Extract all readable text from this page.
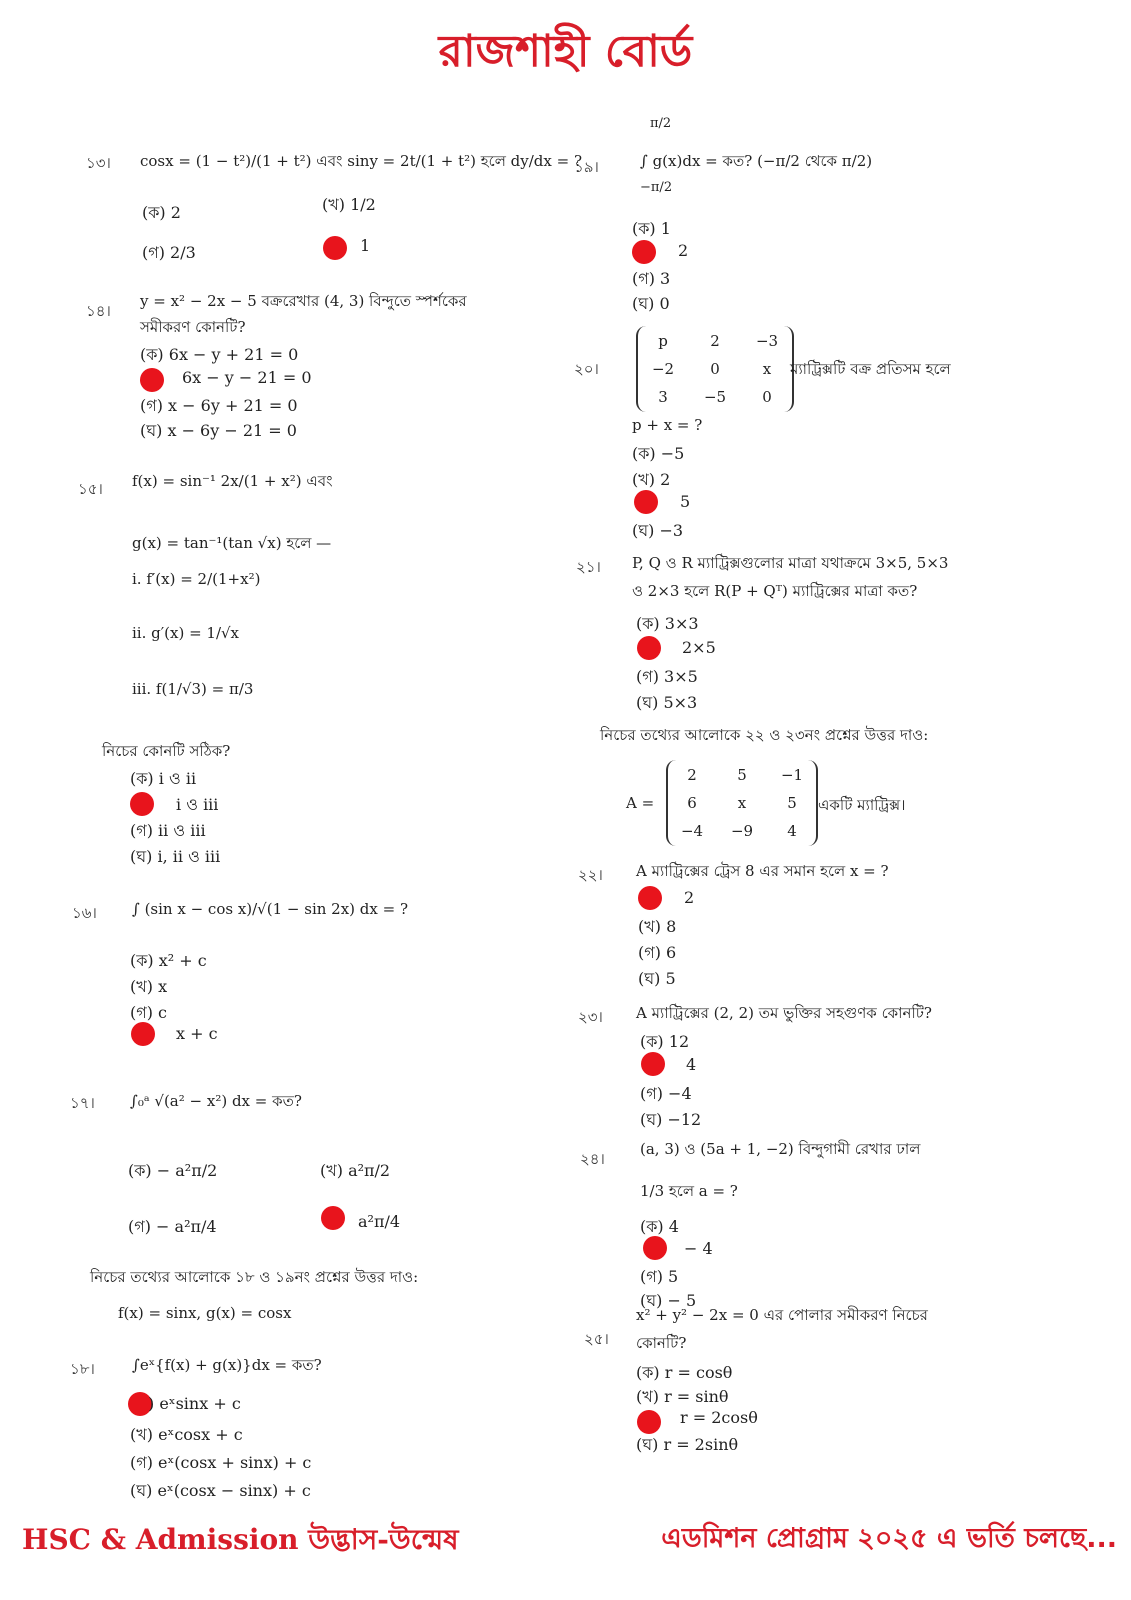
রাজশাহী বোর্ড
১৩। cosx = (1 − t²)/(1 + t²) এবং siny = 2t/(1 + t²) হলে dy/dx = ?
(ক) 2	(খ) 1/2
(গ) 2/3	1
১৪।
y = x² − 2x − 5 বক্ররেখার (4, 3) বিন্দুতে স্পর্শকের
সমীকরণ কোনটি?
(ক) 6x − y + 21 = 0
6x − y − 21 = 0
(গ) x − 6y + 21 = 0
(ঘ) x − 6y − 21 = 0
১৫। f(x) = sin⁻¹ 2x/(1 + x²) এবং
g(x) = tan⁻¹(tan √x) হলে —
i. f′(x) = 2/(1+x²)
ii. g′(x) = 1/√x
iii. f(1/√3) = π/3
নিচের কোনটি সঠিক?
(ক) i ও ii
i ও iii
(গ) ii ও iii
(ঘ) i, ii ও iii
১৬। ∫ (sin x − cos x)/√(1 − sin 2x) dx = ?
(ক) x² + c
(খ) x
(গ) c
x + c
১৭। ∫₀ᵃ √(a² − x²) dx = কত?
(ক) − a²π/2	(খ) a²π/2
(গ) − a²π/4	a²π/4
নিচের তথ্যের আলোকে ১৮ ও ১৯নং প্রশ্নের উত্তর দাও:
f(x) = sinx, g(x) = cosx
১৮। ∫eˣ{f(x) + g(x)}dx = কত?
) eˣsinx + c
(খ) eˣcosx + c
(গ) eˣ(cosx + sinx) + c
(ঘ) eˣ(cosx − sinx) + c
π/2
১৯।	∫ g(x)dx = কত? (−π/2 থেকে π/2)
−π/2
(ক) 1
2
(গ) 3
(ঘ) 0
২০।
p	2	−3
−2	0	x
3	−5	0
ম্যাট্রিক্সটি বক্র প্রতিসম হলে
p + x = ?
(ক) −5
(খ) 2
5
(ঘ) −3
২১। P, Q ও R ম্যাট্রিক্সগুলোর মাত্রা যথাক্রমে 3×5, 5×3
ও 2×3 হলে R(P + Qᵀ) ম্যাট্রিক্সের মাত্রা কত?
(ক) 3×3
2×5
(গ) 3×5
(ঘ) 5×3
নিচের তথ্যের আলোকে ২২ ও ২৩নং প্রশ্নের উত্তর দাও:
A =
2	5	−1
6	x	5
−4 −9	4
একটি ম্যাট্রিক্স।
২২। A ম্যাট্রিক্সের ট্রেস 8 এর সমান হলে x = ?
2
(খ) 8
(গ) 6
(ঘ) 5
২৩। A ম্যাট্রিক্সের (2, 2) তম ভুক্তির সহগুণক কোনটি?
(ক) 12
4
(গ) −4
(ঘ) −12
২৪।
(a, 3) ও (5a + 1, −2) বিন্দুগামী রেখার ঢাল
1/3 হলে a = ?
(ক) 4
− 4
(গ) 5
(ঘ) − 5
২৫।
x² + y² − 2x = 0 এর পোলার সমীকরণ নিচের
কোনটি?
(ক) r = cosθ
(খ) r = sinθ
r = 2cosθ
(ঘ) r = 2sinθ
HSC & Admission উদ্ভাস-উন্মেষ	এডমিশন প্রোগ্রাম ২০২৫ এ ভর্তি চলছে...
